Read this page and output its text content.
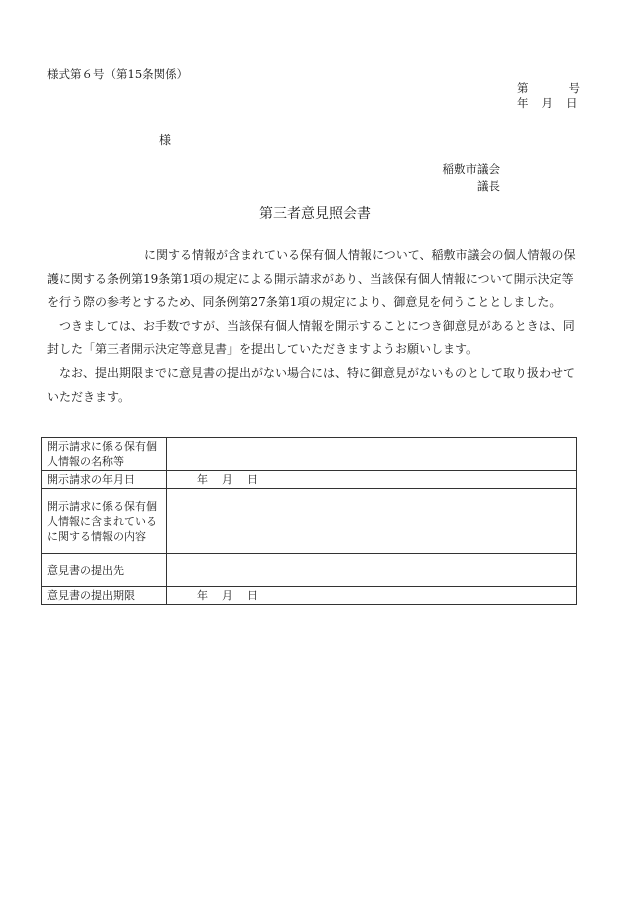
様式第６号（第15条関係）
第	号
年 月 日
様
稲敷市議会
議長
第三者意見照会書

に関する情報が含まれている保有個人情報について、稲敷市議会の個人情報の保護に関する条例第19条第1項の規定による開示請求があり、当該保有個人情報について開示決定等を行う際の参考とするため、同条例第27条第1項の規定により、御意見を伺うこととしました。

つきましては、お手数ですが、当該保有個人情報を開示することにつき御意見があるときは、同封した「第三者開示決定等意見書」を提出していただきますようお願いします。

なお、提出期限までに意見書の提出がない場合には、特に御意見がないものとして取り扱わせていただきます。

開示請求に係る保有個人情報の名称等	
開示請求の年月日	年 月 日

開示請求に係る保有個人情報に含まれている
に関する情報の内容	

意見書の提出先	
意見書の提出期限	年 月 日
